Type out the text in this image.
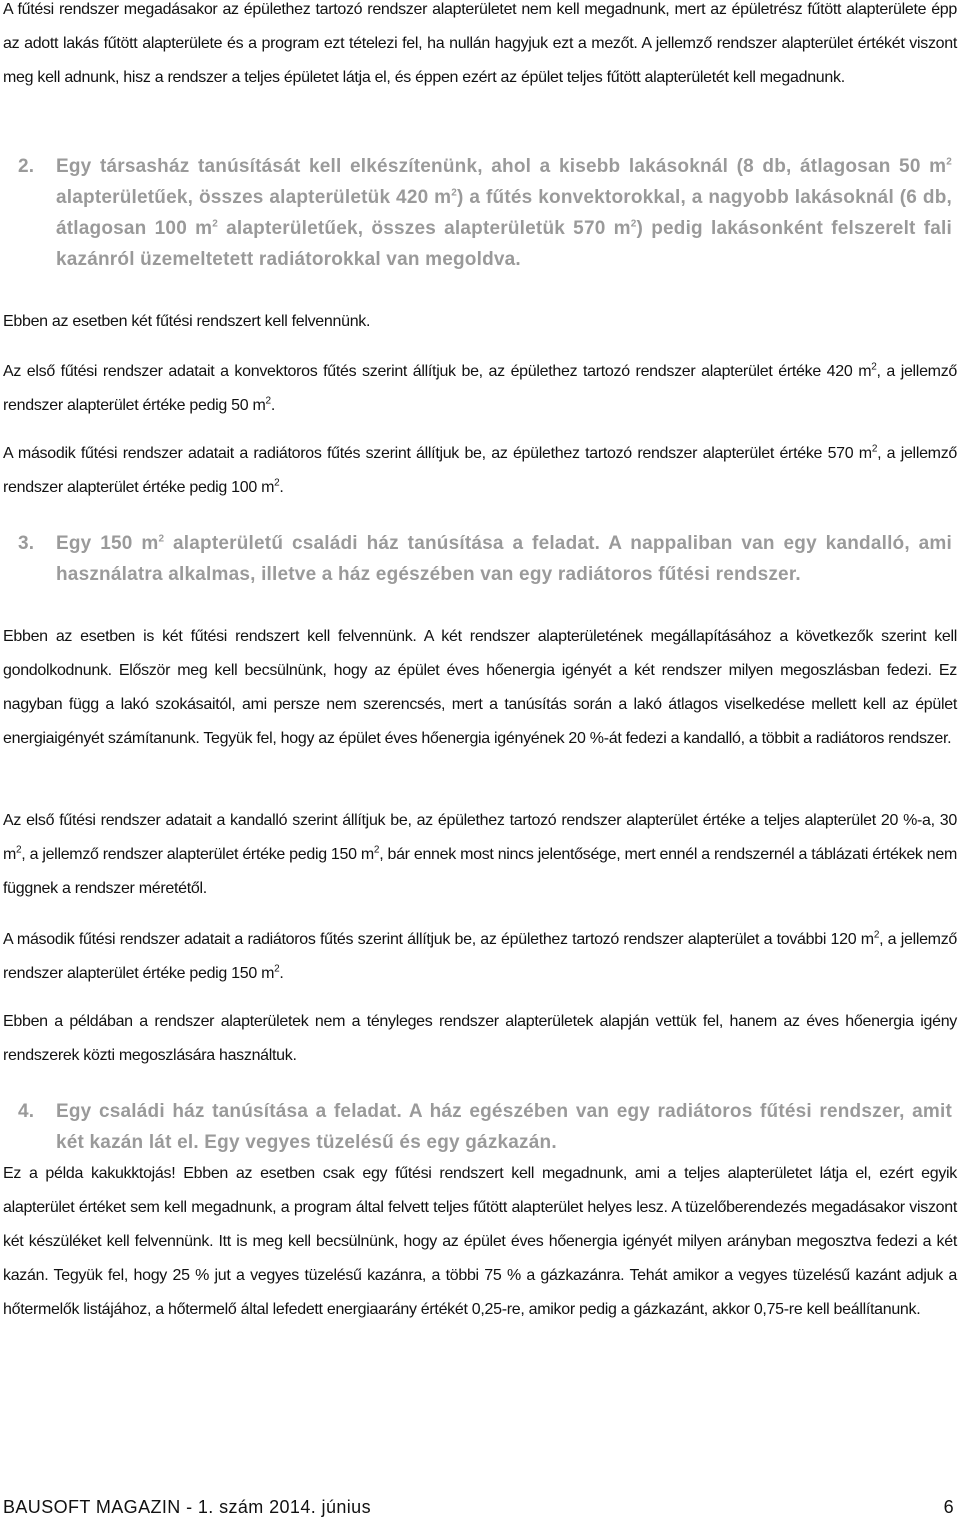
A fűtési rendszer megadásakor az épülethez tartozó rendszer alapterületet nem kell megadnunk, mert az épületrész fűtött alapterülete épp az adott lakás fűtött alapterülete és a program ezt tételezi fel, ha nullán hagyjuk ezt a mezőt. A jellemző rendszer alapterület értékét viszont meg kell adnunk, hisz a rendszer a teljes épületet látja el, és éppen ezért az épület teljes fűtött alapterületét kell megadnunk.

2.	Egy társasház tanúsítását kell elkészítenünk, ahol a kisebb lakásoknál (8 db, átlagosan 50 $m^2$ alapterületűek, összes alapterületük 420 $m^2$) a fűtés konvektorokkal, a nagyobb lakásoknál (6 db, átlagosan 100 $m^2$ alapterületűek, összes alapterületük 570 $m^2$) pedig lakásonként felszerelt fali kazánról üzemeltetett radiátorokkal van megoldva.

Ebben az esetben két fűtési rendszert kell felvennünk.

Az első fűtési rendszer adatait a konvektoros fűtés szerint állítjuk be, az épülethez tartozó rendszer alapterület értéke 420 $m^2$, a jellemző rendszer alapterület értéke pedig 50 $m^2$.

A második fűtési rendszer adatait a radiátoros fűtés szerint állítjuk be, az épülethez tartozó rendszer alapterület értéke 570 $m^2$, a jellemző rendszer alapterület értéke pedig 100 $m^2$.

3.	Egy 150 $m^2$ alapterületű családi ház tanúsítása a feladat. A nappaliban van egy kandalló, ami használatra alkalmas, illetve a ház egészében van egy radiátoros fűtési rendszer.

Ebben az esetben is két fűtési rendszert kell felvennünk. A két rendszer alapterületének megállapításához a következők szerint kell gondolkodnunk. Először meg kell becsülnünk, hogy az épület éves hőenergia igényét a két rendszer milyen megoszlásban fedezi. Ez nagyban függ a lakó szokásaitól, ami persze nem szerencsés, mert a tanúsítás során a lakó átlagos viselkedése mellett kell az épület energiaigényét számítanunk. Tegyük fel, hogy az épület éves hőenergia igényének 20 %-át fedezi a kandalló, a többit a radiátoros rendszer.

Az első fűtési rendszer adatait a kandalló szerint állítjuk be, az épülethez tartozó rendszer alapterület értéke a teljes alapterület 20 %-a, 30 $m^2$, a jellemző rendszer alapterület értéke pedig 150 $m^2$, bár ennek most nincs jelentősége, mert ennél a rendszernél a táblázati értékek nem függnek a rendszer méretétől.

A második fűtési rendszer adatait a radiátoros fűtés szerint állítjuk be, az épülethez tartozó rendszer alapterület a további 120 $m^2$, a jellemző rendszer alapterület értéke pedig 150 $m^2$.

Ebben a példában a rendszer alapterületek nem a tényleges rendszer alapterületek alapján vettük fel, hanem az éves hőenergia igény rendszerek közti megoszlására használtuk.

4.	Egy családi ház tanúsítása a feladat. A ház egészében van egy radiátoros fűtési rendszer, amit két kazán lát el. Egy vegyes tüzelésű és egy gázkazán.

Ez a példa kakukktojás! Ebben az esetben csak egy fűtési rendszert kell megadnunk, ami a teljes alapterületet látja el, ezért egyik alapterület értéket sem kell megadnunk, a program által felvett teljes fűtött alapterület helyes lesz. A tüzelőberendezés megadásakor viszont két készüléket kell felvennünk. Itt is meg kell becsülnünk, hogy az épület éves hőenergia igényét milyen arányban megosztva fedezi a két kazán. Tegyük fel, hogy 25 % jut a vegyes tüzelésű kazánra, a többi 75 % a gázkazánra. Tehát amikor a vegyes tüzelésű kazánt adjuk a hőtermelők listájához, a hőtermelő által lefedett energiaarány értékét 0,25-re, amikor pedig a gázkazánt, akkor 0,75-re kell beállítanunk.

BAUSOFT MAGAZIN - 1. szám 2014. június	6
